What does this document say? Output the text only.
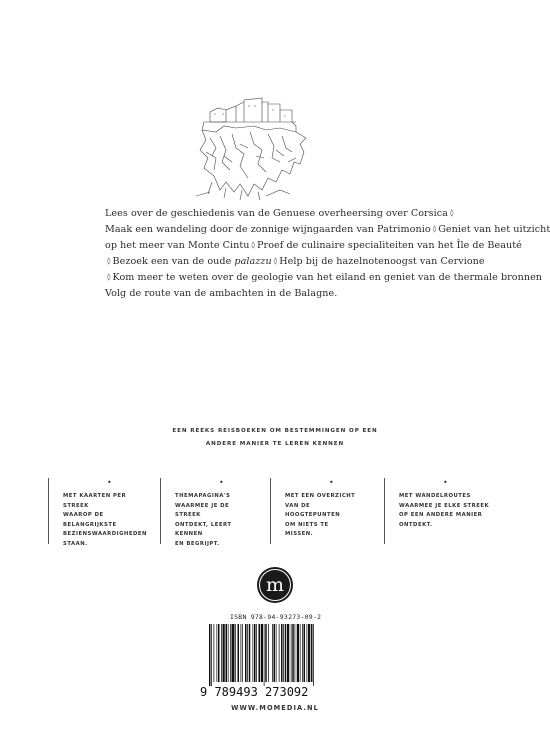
Lees over de geschiedenis van de Genuese overheersing over Corsica ◊
Maak een wandeling door de zonnige wijngaarden van Patrimonio ◊ Geniet van het uitzicht
op het meer van Monte Cintu ◊ Proef de culinaire specialiteiten van het Île de Beauté
◊ Bezoek een van de oude palazzu ◊ Help bij de hazelnotenoogst van Cervione
◊ Kom meer te weten over de geologie van het eiland en geniet van de thermale bronnen
Volg de route van de ambachten in de Balagne.
EEN REEKS REISBOEKEN OM BESTEMMINGEN OP EEN
ANDERE MANIER TE LEREN KENNEN
•
MET KAARTEN PER STREEK
WAAROP DE BELANGRIJKSTE
BEZIENSWAARDIGHEDEN
STAAN.
•
THEMAPAGINA'S
WAARMEE JE DE STREEK
ONTDEKT, LEERT KENNEN
EN BEGRIJPT.
•
MET EEN OVERZICHT
VAN DE HOOGTEPUNTEN
OM NIETS TE
MISSEN.
•
MET WANDELROUTES
WAARMEE JE ELKE STREEK
OP EEN ANDERE MANIER
ONTDEKT.
m
ISBN 978-94-93273-09-2
9 789493 273092
WWW.MOMEDIA.NL
